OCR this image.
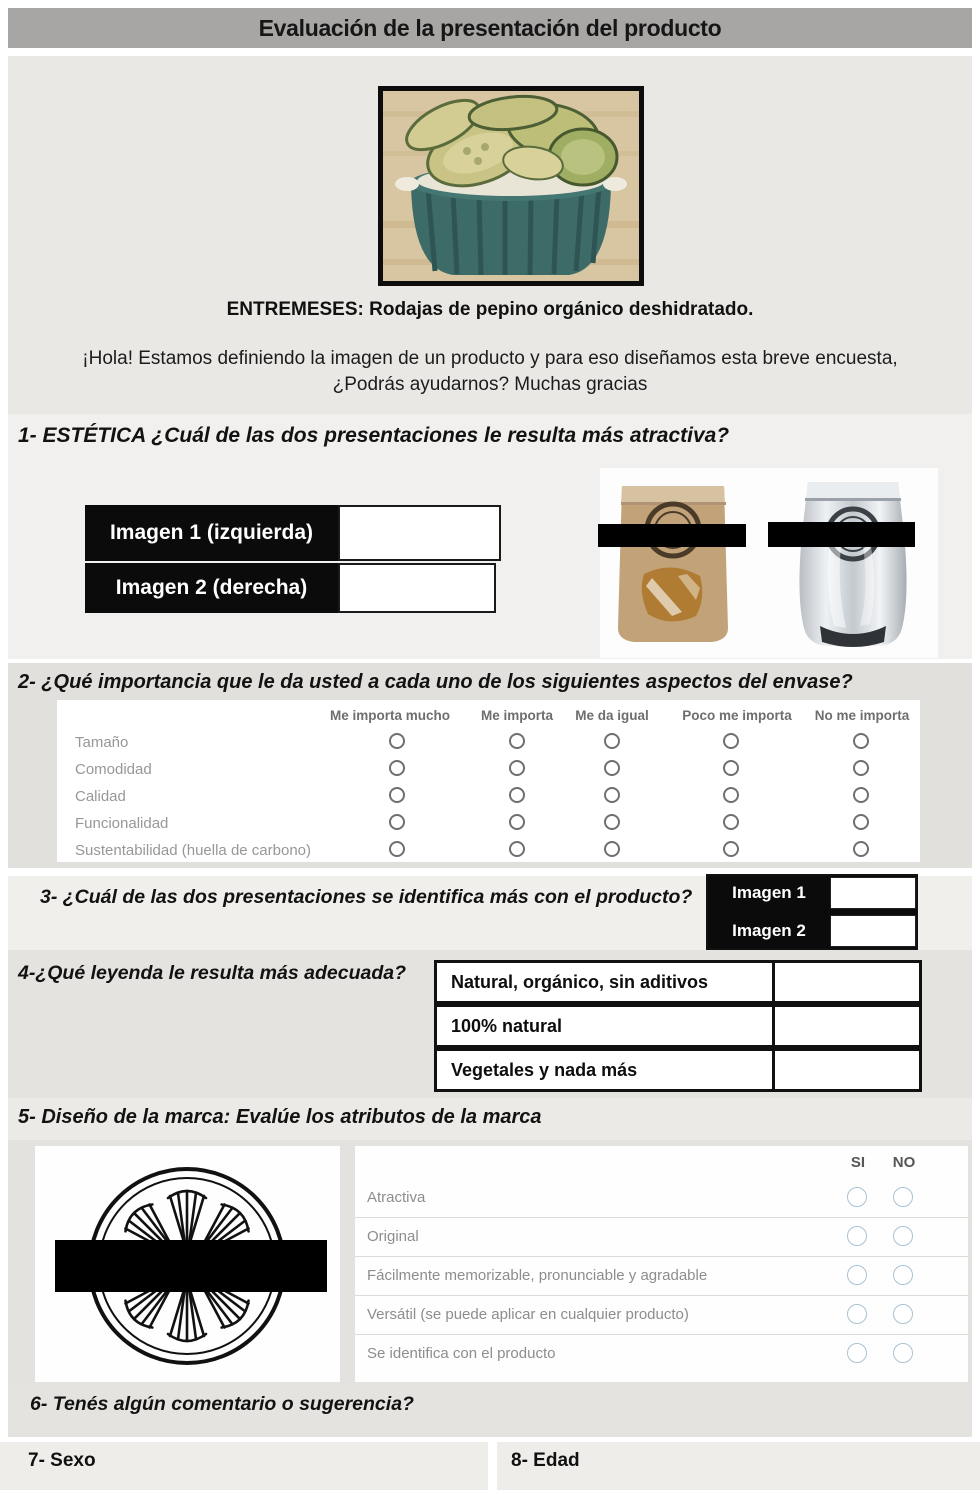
Evaluación de la presentación del producto
ENTREMESES: Rodajas de pepino orgánico deshidratado.
¡Hola! Estamos definiendo la imagen de un producto y para eso diseñamos esta breve encuesta,
¿Podrás ayudarnos? Muchas gracias
1- ESTÉTICA ¿Cuál de las dos presentaciones le resulta más atractiva?
Imagen 1 (izquierda)
Imagen 2 (derecha)
2- ¿Qué importancia que le da usted a cada uno de los siguientes aspectos del envase?
Me importa mucho Me importa Me da igual Poco me importa No me importa
Tamaño
Comodidad
Calidad
Funcionalidad
Sustentabilidad (huella de carbono)
3- ¿Cuál de las dos presentaciones se identifica más con el producto?	Imagen 1
Imagen 2
4-¿Qué leyenda le resulta más adecuada?	Natural, orgánico, sin aditivos
100% natural
Vegetales y nada más
5- Diseño de la marca: Evalúe los atributos de la marca
SI NO
Atractiva
Original
Fácilmente memorizable, pronunciable y agradable
Versátil (se puede aplicar en cualquier producto)
Se identifica con el producto
6- Tenés algún comentario o sugerencia?
7- Sexo	8- Edad
